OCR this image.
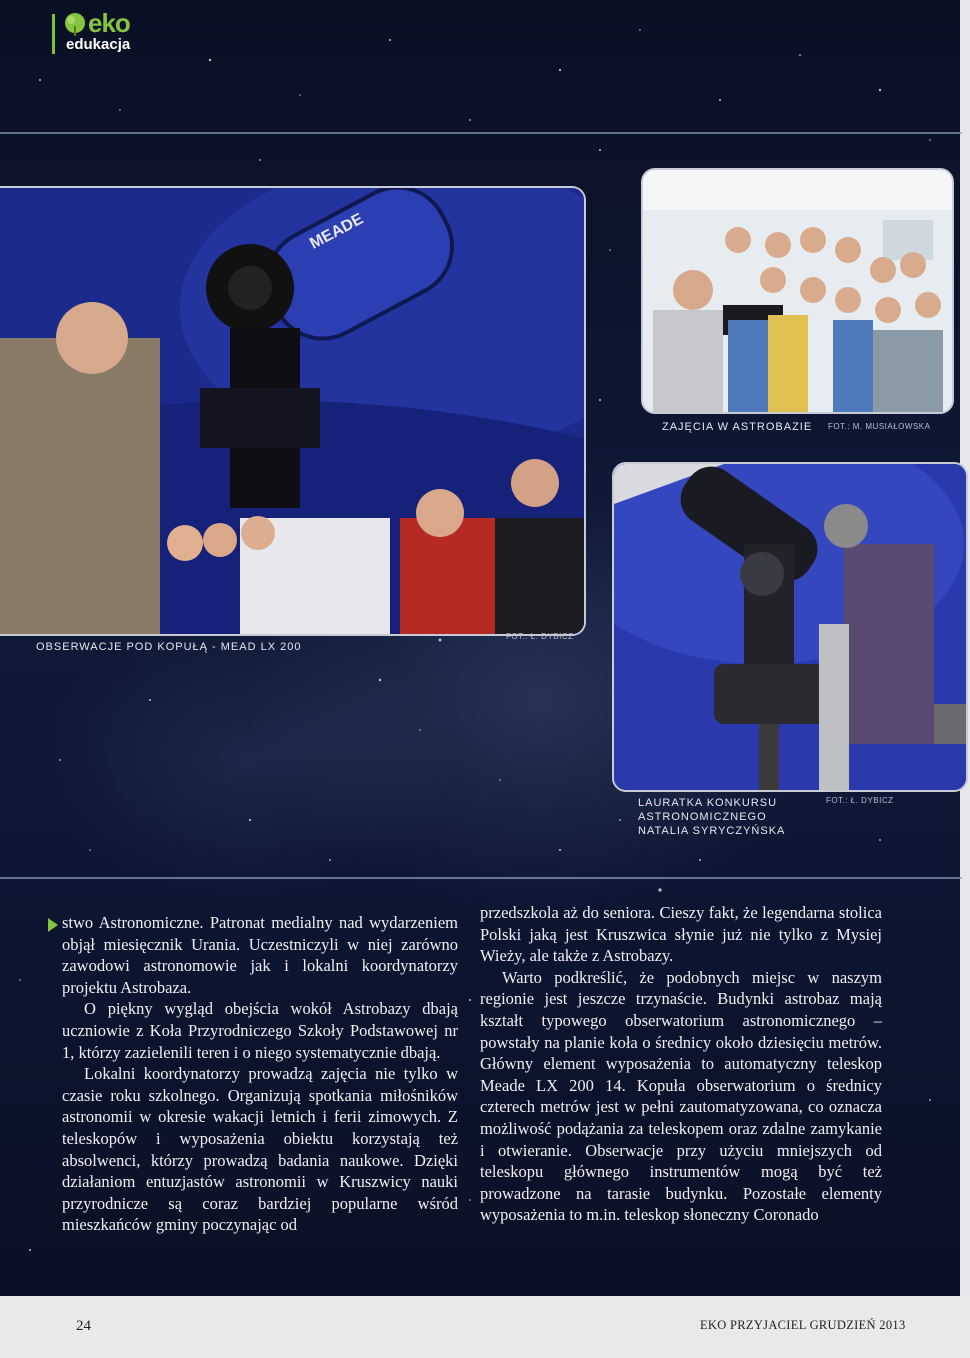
eko
edukacja
MEADE
OBSERWACJE POD KOPUŁĄ - MEAD LX 200
FOT.: Ł. DYBICZ
ZAJĘCIA W ASTROBAZIE FOT.: M. MUSIAŁOWSKA
LAURATKA KONKURSU
ASTRONOMICZNEGO
NATALIA SYRYCZYŃSKA
FOT.: Ł. DYBICZ

stwo Astronomiczne. Patronat medialny nad wydarzeniem objął miesięcznik Urania. Uczestniczyli w niej zarówno zawodowi astronomowie jak i lokalni koordynatorzy projektu Astrobaza.

O piękny wygląd obejścia wokół Astrobazy dbają uczniowie z Koła Przyrodniczego Szkoły Podstawowej nr 1, którzy zazielenili teren i o niego systematycznie dbają.

Lokalni koordynatorzy prowadzą zajęcia nie tylko w czasie roku szkolnego. Organizują spotkania miłośników astronomii w okresie wakacji letnich i ferii zimowych. Z teleskopów i wyposażenia obiektu korzystają też absolwenci, którzy prowadzą badania naukowe. Dzięki działaniom entuzjastów astronomii w Kruszwicy nauki przyrodnicze są coraz bardziej popularne wśród mieszkańców gminy poczynając od

przedszkola aż do seniora. Cieszy fakt, że legendarna stolica Polski jaką jest Kruszwica słynie już nie tylko z Mysiej Wieży, ale także z Astrobazy.

Warto podkreślić, że podobnych miejsc w naszym regionie jest jeszcze trzynaście. Budynki astrobaz mają kształt typowego obserwatorium astronomicznego – powstały na planie koła o średnicy około dziesięciu metrów. Główny element wyposażenia to automatyczny teleskop Meade LX 200 14. Kopuła obserwatorium o średnicy czterech metrów jest w pełni zautomatyzowana, co oznacza możliwość podążania za teleskopem oraz zdalne zamykanie i otwieranie. Obserwacje przy użyciu mniejszych od teleskopu głównego instrumentów mogą być też prowadzone na tarasie budynku. Pozostałe elementy wyposażenia to m.in. teleskop słoneczny Coronado

24	EKO PRZYJACIEL GRUDZIEŃ 2013
